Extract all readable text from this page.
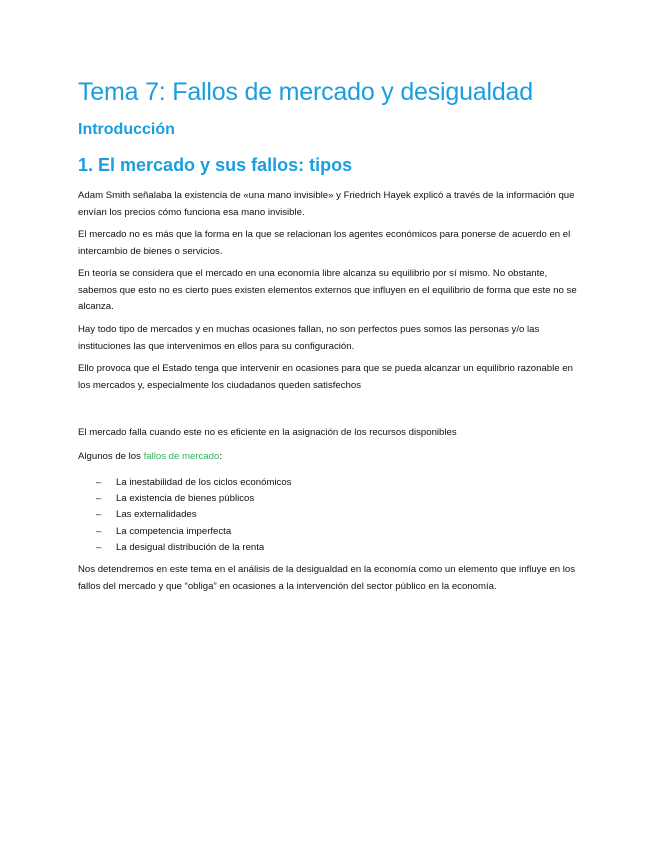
Tema 7: Fallos de mercado y desigualdad
Introducción
1. El mercado y sus fallos: tipos

Adam Smith señalaba la existencia de «una mano invisible» y Friedrich Hayek explicó a través de la información que envían los precios cómo funciona esa mano invisible.

El mercado no es más que la forma en la que se relacionan los agentes económicos para ponerse de acuerdo en el intercambio de bienes o servicios.

En teoría se considera que el mercado en una economía libre alcanza su equilibrio por sí mismo. No obstante, sabemos que esto no es cierto pues existen elementos externos que influyen en el equilibrio de forma que este no se alcanza.

Hay todo tipo de mercados y en muchas ocasiones fallan, no son perfectos pues somos las personas y/o las instituciones las que intervenimos en ellos para su configuración.

Ello provoca que el Estado tenga que intervenir en ocasiones para que se pueda alcanzar un equilibrio razonable en los mercados y, especialmente los ciudadanos queden satisfechos

El mercado falla cuando este no es eficiente en la asignación de los recursos disponibles

Algunos de los fallos de mercado:

–	La inestabilidad de los ciclos económicos
–	La existencia de bienes públicos
–	Las externalidades
–	La competencia imperfecta
–	La desigual distribución de la renta

Nos detendremos en este tema en el análisis de la desigualdad en la economía como un elemento que influye en los fallos del mercado y que “obliga” en ocasiones a la intervención del sector público en la economía.
